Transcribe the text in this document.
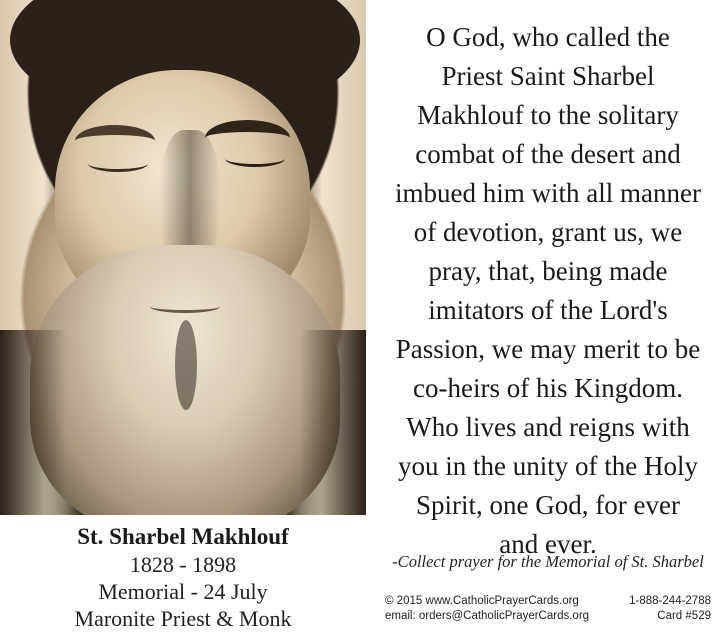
St. Sharbel Makhlouf
1828 - 1898
Memorial - 24 July
Maronite Priest & Monk
O God, who called the
Priest Saint Sharbel
Makhlouf to the solitary
combat of the desert and
imbued him with all manner
of devotion, grant us, we
pray, that, being made
imitators of the Lord's
Passion, we may merit to be
co-heirs of his Kingdom.
Who lives and reigns with
you in the unity of the Holy
Spirit, one God, for ever
and ever.
-Collect prayer for the Memorial of St. Sharbel
© 2015 www.CatholicPrayerCards.org	1-888-244-2788
email: orders@CatholicPrayerCards.org	Card #529
